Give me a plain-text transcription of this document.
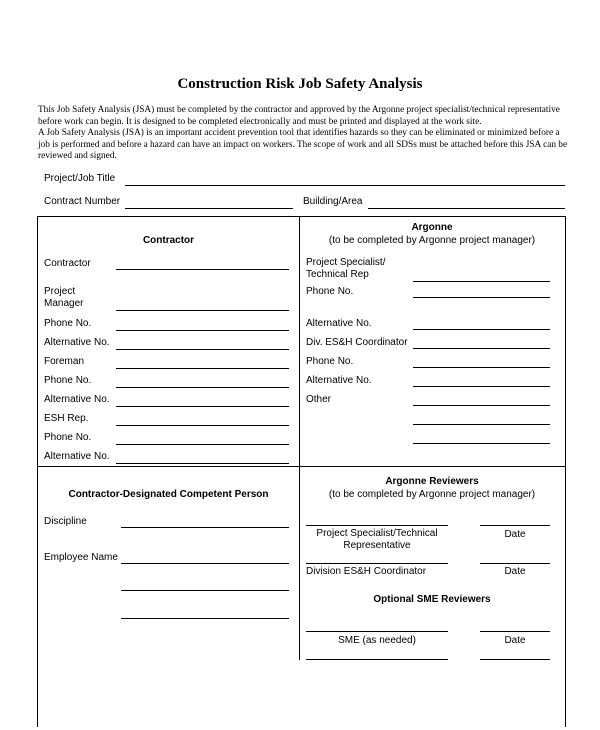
Construction Risk Job Safety Analysis

This Job Safety Analysis (JSA) must be completed by the contractor and approved by the Argonne project specialist/technical representative before work can begin. It is designed to be completed electronically and must be printed and displayed at the work site.

A Job Safety Analysis (JSA) is an important accident prevention tool that identifies hazards so they can be eliminated or minimized before a job is performed and before a hazard can have an impact on workers. The scope of work and all SDSs must be attached before this JSA can be reviewed and signed.

Project/Job Title
Contract Number	Building/Area
Contractor
Contractor
Project Manager
Phone No.
Alternative No.
Foreman
Phone No.
Alternative No.
ESH Rep.
Phone No.
Alternative No.
Argonne
(to be completed by Argonne project manager)
Project Specialist/ Technical Rep
Phone No.
Alternative No.
Div. ES&H Coordinator
Phone No.
Alternative No.
Other
Contractor-Designated Competent Person
Discipline
Employee Name
Argonne Reviewers
(to be completed by Argonne project manager)
Project Specialist/Technical Representative
Date
Division ES&H Coordinator	Date
Optional SME Reviewers
SME (as needed)	Date
